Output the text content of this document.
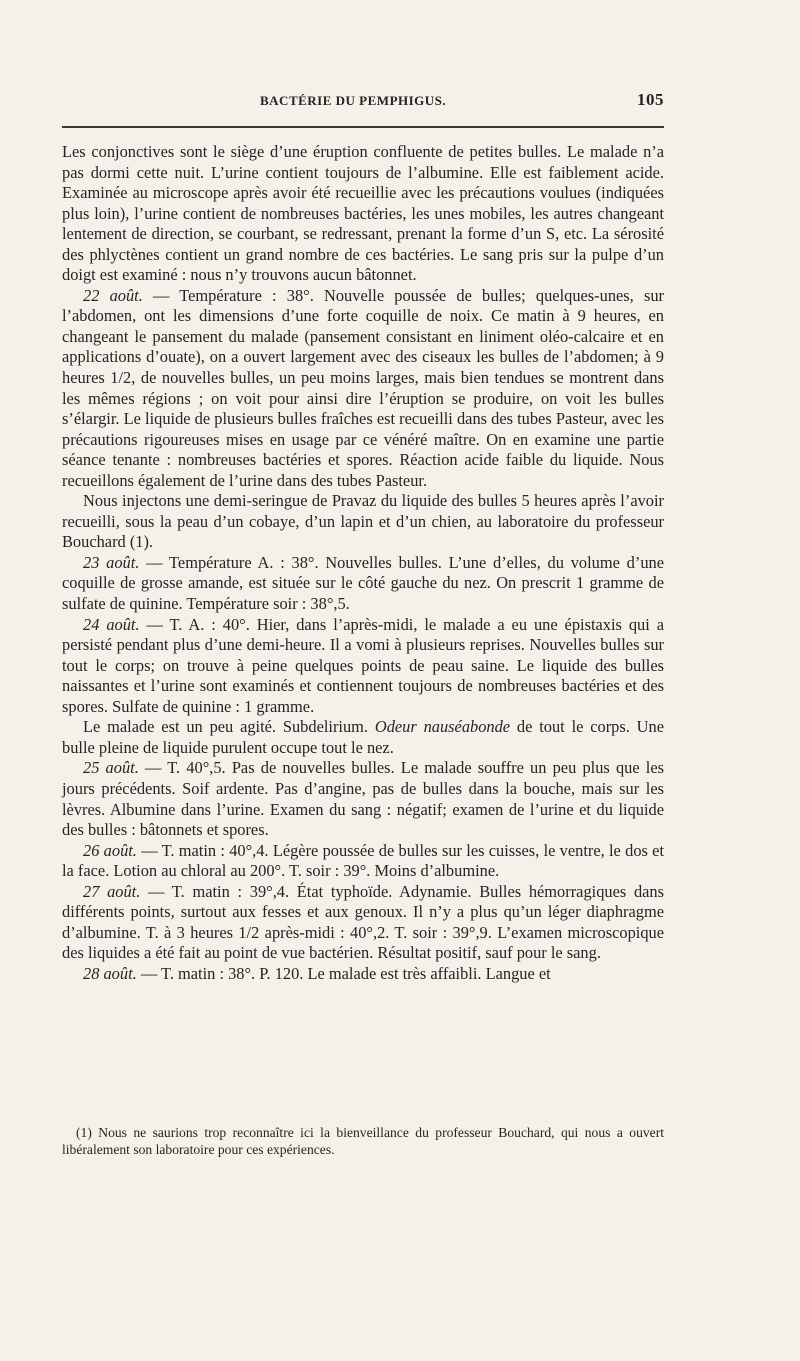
BACTÉRIE DU PEMPHIGUS.	105

Les conjonctives sont le siège d’une éruption confluente de petites bulles. Le malade n’a pas dormi cette nuit. L’urine contient toujours de l’albumine. Elle est faiblement acide. Examinée au microscope après avoir été recueillie avec les précautions voulues (indiquées plus loin), l’urine contient de nombreuses bactéries, les unes mobiles, les autres changeant lentement de direction, se courbant, se redressant, prenant la forme d’un S, etc. La sérosité des phlyctènes contient un grand nombre de ces bactéries. Le sang pris sur la pulpe d’un doigt est examiné : nous n’y trouvons aucun bâtonnet.

22 août. — Température : 38°. Nouvelle poussée de bulles; quelques-unes, sur l’abdomen, ont les dimensions d’une forte coquille de noix. Ce matin à 9 heures, en changeant le pansement du malade (pansement consistant en liniment oléo-calcaire et en applications d’ouate), on a ouvert largement avec des ciseaux les bulles de l’abdomen; à 9 heures 1/2, de nouvelles bulles, un peu moins larges, mais bien tendues se montrent dans les mêmes régions ; on voit pour ainsi dire l’éruption se produire, on voit les bulles s’élargir. Le liquide de plusieurs bulles fraîches est recueilli dans des tubes Pasteur, avec les précautions rigoureuses mises en usage par ce vénéré maître. On en examine une partie séance tenante : nombreuses bactéries et spores. Réaction acide faible du liquide. Nous recueillons également de l’urine dans des tubes Pasteur.

Nous injectons une demi-seringue de Pravaz du liquide des bulles 5 heures après l’avoir recueilli, sous la peau d’un cobaye, d’un lapin et d’un chien, au laboratoire du professeur Bouchard (1).

23 août. — Température A. : 38°. Nouvelles bulles. L’une d’elles, du volume d’une coquille de grosse amande, est située sur le côté gauche du nez. On prescrit 1 gramme de sulfate de quinine. Température soir : 38°,5.

24 août. — T. A. : 40°. Hier, dans l’après-midi, le malade a eu une épistaxis qui a persisté pendant plus d’une demi-heure. Il a vomi à plusieurs reprises. Nouvelles bulles sur tout le corps; on trouve à peine quelques points de peau saine. Le liquide des bulles naissantes et l’urine sont examinés et contiennent toujours de nombreuses bactéries et des spores. Sulfate de quinine : 1 gramme.

Le malade est un peu agité. Subdelirium. Odeur nauséabonde de tout le corps. Une bulle pleine de liquide purulent occupe tout le nez.

25 août. — T. 40°,5. Pas de nouvelles bulles. Le malade souffre un peu plus que les jours précédents. Soif ardente. Pas d’angine, pas de bulles dans la bouche, mais sur les lèvres. Albumine dans l’urine. Examen du sang : négatif; examen de l’urine et du liquide des bulles : bâtonnets et spores.

26 août. — T. matin : 40°,4. Légère poussée de bulles sur les cuisses, le ventre, le dos et la face. Lotion au chloral au 200°. T. soir : 39°. Moins d’albumine.

27 août. — T. matin : 39°,4. État typhoïde. Adynamie. Bulles hémorragiques dans différents points, surtout aux fesses et aux genoux. Il n’y a plus qu’un léger diaphragme d’albumine. T. à 3 heures 1/2 après-midi : 40°,2. T. soir : 39°,9. L’examen microscopique des liquides a été fait au point de vue bactérien. Résultat positif, sauf pour le sang.

28 août. — T. matin : 38°. P. 120. Le malade est très affaibli. Langue et

(1) Nous ne saurions trop reconnaître ici la bienveillance du professeur Bouchard, qui nous a ouvert libéralement son laboratoire pour ces expériences.
